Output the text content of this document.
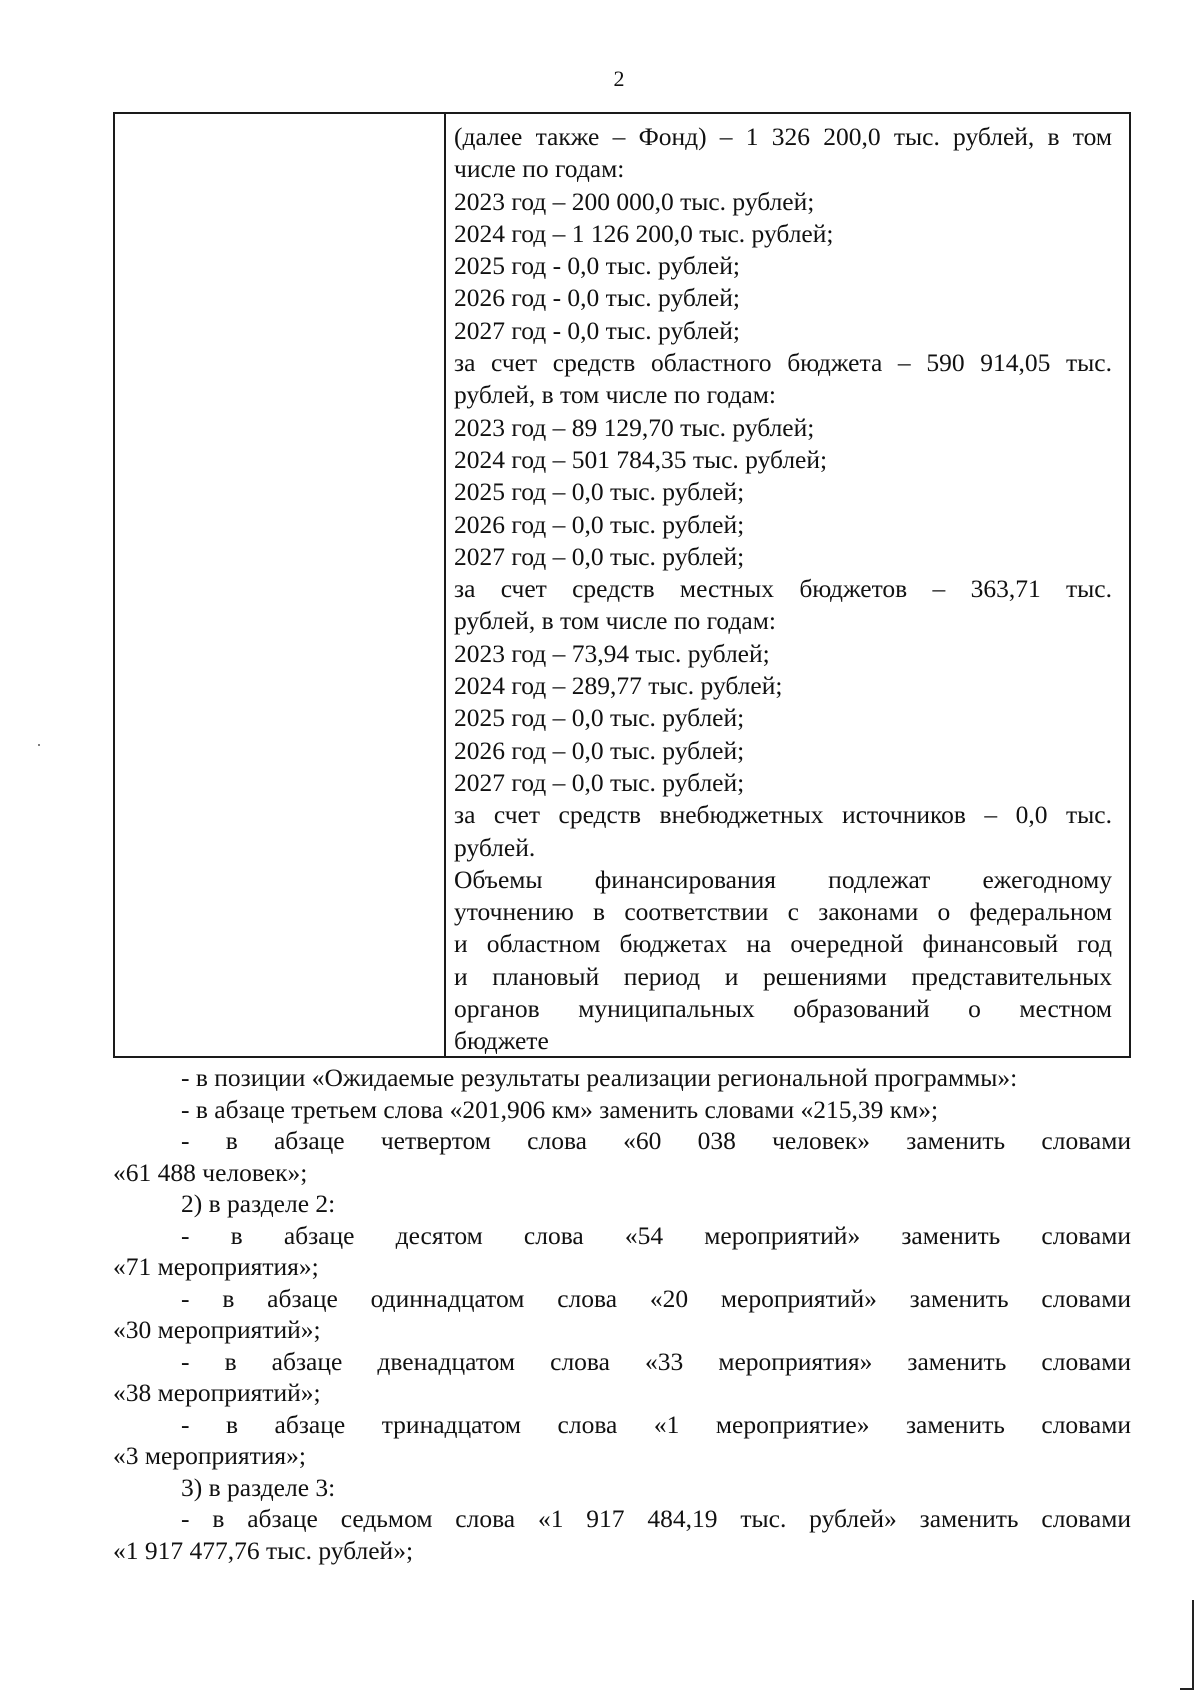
2
(далее также – Фонд) – 1 326 200,0 тыс. рублей, в том
числе по годам:
2023 год – 200 000,0 тыс. рублей;
2024 год – 1 126 200,0 тыс. рублей;
2025 год - 0,0 тыс. рублей;
2026 год - 0,0 тыс. рублей;
2027 год - 0,0 тыс. рублей;
за счет средств областного бюджета – 590 914,05 тыс.
рублей, в том числе по годам:
2023 год – 89 129,70 тыс. рублей;
2024 год – 501 784,35 тыс. рублей;
2025 год – 0,0 тыс. рублей;
2026 год – 0,0 тыс. рублей;
2027 год – 0,0 тыс. рублей;
за счет средств местных бюджетов – 363,71 тыс.
рублей, в том числе по годам:
2023 год – 73,94 тыс. рублей;
2024 год – 289,77 тыс. рублей;
2025 год – 0,0 тыс. рублей;
2026 год – 0,0 тыс. рублей;
2027 год – 0,0 тыс. рублей;
за счет средств внебюджетных источников – 0,0 тыс.
рублей.
Объемы финансирования подлежат ежегодному
уточнению в соответствии с законами о федеральном
и областном бюджетах на очередной финансовый год
и плановый период и решениями представительных
органов муниципальных образований о местном
бюджете
- в позиции «Ожидаемые результаты реализации региональной программы»:
- в абзаце третьем слова «201,906 км» заменить словами «215,39 км»;
- в абзаце четвертом слова «60 038 человек» заменить словами
«61 488 человек»;
2) в разделе 2:
- в абзаце десятом слова «54 мероприятий» заменить словами
«71 мероприятия»;
- в абзаце одиннадцатом слова «20 мероприятий» заменить словами
«30 мероприятий»;
- в абзаце двенадцатом слова «33 мероприятия» заменить словами
«38 мероприятий»;
- в абзаце тринадцатом слова «1 мероприятие» заменить словами
«3 мероприятия»;
3) в разделе 3:
- в абзаце седьмом слова «1 917 484,19 тыс. рублей» заменить словами
«1 917 477,76 тыс. рублей»;
